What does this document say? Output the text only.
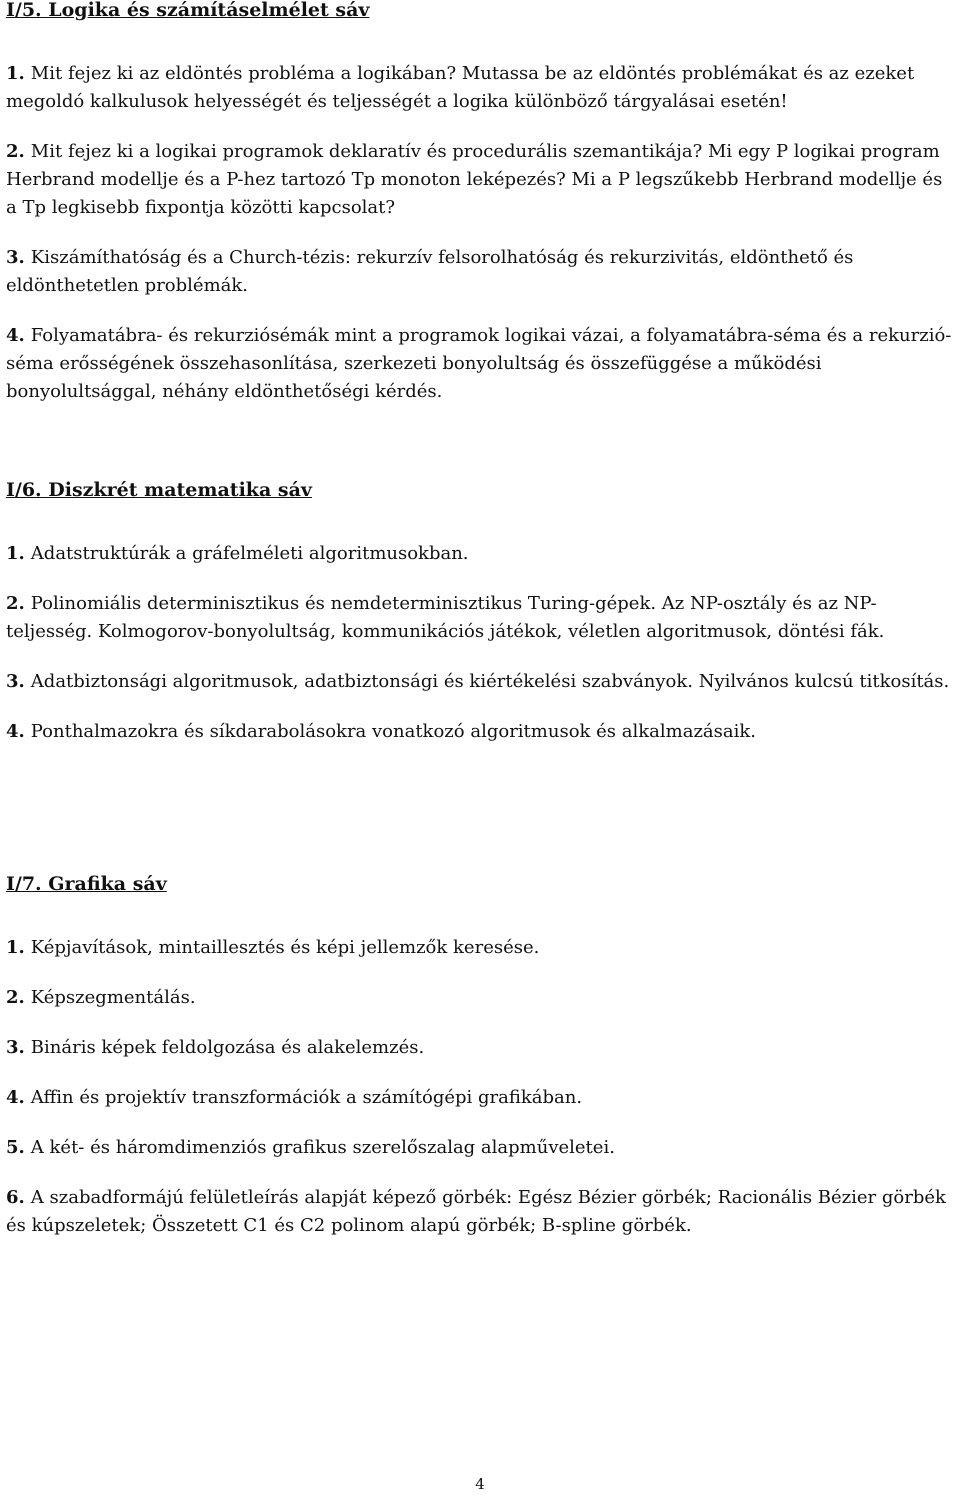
I/5. Logika és számításelmélet sáv

1. Mit fejez ki az eldöntés probléma a logikában? Mutassa be az eldöntés problémákat és az ezeket megoldó kalkulusok helyességét és teljességét a logika különböző tárgyalásai esetén!

2. Mit fejez ki a logikai programok deklaratív és procedurális szemantikája? Mi egy P logikai program Herbrand modellje és a P-hez tartozó Tp monoton leképezés? Mi a P legszűkebb Herbrand modellje és a Tp legkisebb fixpontja közötti kapcsolat?

3. Kiszámíthatóság és a Church-tézis: rekurzív felsorolhatóság és rekurzivitás, eldönthető és eldönthetetlen problémák.

4. Folyamatábra- és rekurziósémák mint a programok logikai vázai, a folyamatábra-séma és a rekurzió-séma erősségének összehasonlítása, szerkezeti bonyolultság és összefüggése a működési bonyolultsággal, néhány eldönthetőségi kérdés.

I/6. Diszkrét matematika sáv

1. Adatstruktúrák a gráfelméleti algoritmusokban.

2. Polinomiális determinisztikus és nemdeterminisztikus Turing-gépek. Az NP-osztály és az NP-teljesség. Kolmogorov-bonyolultság, kommunikációs játékok, véletlen algoritmusok, döntési fák.

3. Adatbiztonsági algoritmusok, adatbiztonsági és kiértékelési szabványok. Nyilvános kulcsú titkosítás.

4. Ponthalmazokra és síkdarabolásokra vonatkozó algoritmusok és alkalmazásaik.

I/7. Grafika sáv

1. Képjavítások, mintaillesztés és képi jellemzők keresése.

2. Képszegmentálás.

3. Bináris képek feldolgozása és alakelemzés.

4. Affin és projektív transzformációk a számítógépi grafikában.

5. A két- és háromdimenziós grafikus szerelőszalag alapműveletei.

6. A szabadformájú felületleírás alapját képező görbék: Egész Bézier görbék; Racionális Bézier görbék és kúpszeletek; Összetett C1 és C2 polinom alapú görbék; B-spline görbék.

4
